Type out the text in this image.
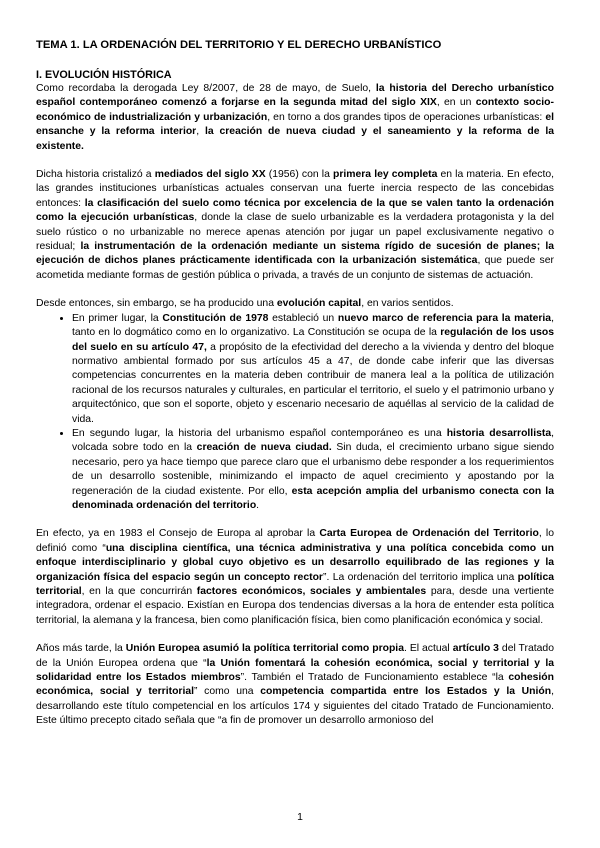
TEMA 1. LA ORDENACIÓN DEL TERRITORIO Y EL DERECHO URBANÍSTICO
I. EVOLUCIÓN HISTÓRICA

Como recordaba la derogada Ley 8/2007, de 28 de mayo, de Suelo, la historia del Derecho urbanístico español contemporáneo comenzó a forjarse en la segunda mitad del siglo XIX, en un contexto socio-económico de industrialización y urbanización, en torno a dos grandes tipos de operaciones urbanísticas: el ensanche y la reforma interior, la creación de nueva ciudad y el saneamiento y la reforma de la existente.

Dicha historia cristalizó a mediados del siglo XX (1956) con la primera ley completa en la materia. En efecto, las grandes instituciones urbanísticas actuales conservan una fuerte inercia respecto de las concebidas entonces: la clasificación del suelo como técnica por excelencia de la que se valen tanto la ordenación como la ejecución urbanísticas, donde la clase de suelo urbanizable es la verdadera protagonista y la del suelo rústico o no urbanizable no merece apenas atención por jugar un papel exclusivamente negativo o residual; la instrumentación de la ordenación mediante un sistema rígido de sucesión de planes; la ejecución de dichos planes prácticamente identificada con la urbanización sistemática, que puede ser acometida mediante formas de gestión pública o privada, a través de un conjunto de sistemas de actuación.

Desde entonces, sin embargo, se ha producido una evolución capital, en varios sentidos.

• En primer lugar, la Constitución de 1978 estableció un nuevo marco de referencia para la materia, tanto en lo dogmático como en lo organizativo. La Constitución se ocupa de la regulación de los usos del suelo en su artículo 47, a propósito de la efectividad del derecho a la vivienda y dentro del bloque normativo ambiental formado por sus artículos 45 a 47, de donde cabe inferir que las diversas competencias concurrentes en la materia deben contribuir de manera leal a la política de utilización racional de los recursos naturales y culturales, en particular el territorio, el suelo y el patrimonio urbano y arquitectónico, que son el soporte, objeto y escenario necesario de aquéllas al servicio de la calidad de vida.
• En segundo lugar, la historia del urbanismo español contemporáneo es una historia desarrollista, volcada sobre todo en la creación de nueva ciudad. Sin duda, el crecimiento urbano sigue siendo necesario, pero ya hace tiempo que parece claro que el urbanismo debe responder a los requerimientos de un desarrollo sostenible, minimizando el impacto de aquel crecimiento y apostando por la regeneración de la ciudad existente. Por ello, esta acepción amplia del urbanismo conecta con la denominada ordenación del territorio.

En efecto, ya en 1983 el Consejo de Europa al aprobar la Carta Europea de Ordenación del Territorio, lo definió como “una disciplina científica, una técnica administrativa y una política concebida como un enfoque interdisciplinario y global cuyo objetivo es un desarrollo equilibrado de las regiones y la organización física del espacio según un concepto rector”. La ordenación del territorio implica una política territorial, en la que concurrirán factores económicos, sociales y ambientales para, desde una vertiente integradora, ordenar el espacio. Existían en Europa dos tendencias diversas a la hora de entender esta política territorial, la alemana y la francesa, bien como planificación física, bien como planificación económica y social.

Años más tarde, la Unión Europea asumió la política territorial como propia. El actual artículo 3 del Tratado de la Unión Europea ordena que “la Unión fomentará la cohesión económica, social y territorial y la solidaridad entre los Estados miembros”. También el Tratado de Funcionamiento establece “la cohesión económica, social y territorial” como una competencia compartida entre los Estados y la Unión, desarrollando este título competencial en los artículos 174 y siguientes del citado Tratado de Funcionamiento. Este último precepto citado señala que “a fin de promover un desarrollo armonioso del

1
